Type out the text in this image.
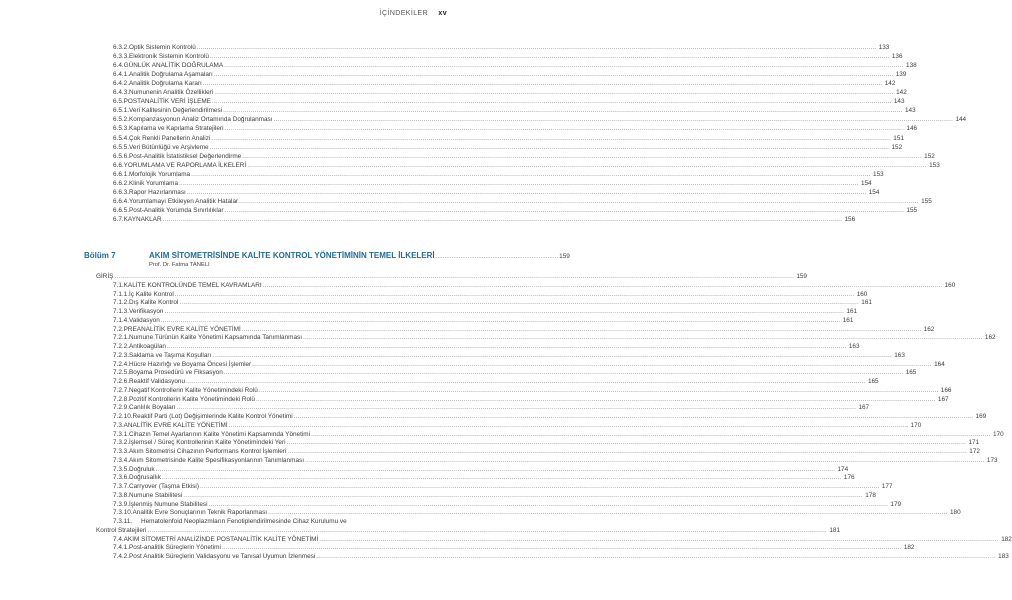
İÇİNDEKİLER xv
6.3.2. Optik Sistemin Kontrolü .....	133
6.3.3. Elektronik Sistemin Kontrolü .....	136
6.4. GÜNLÜK ANALİTİK DOĞRULAMA .....	138
6.4.1. Analitik Doğrulama Aşamaları .....	139
6.4.2. Analitik Doğrulama Kararı .....	142
6.4.3. Numunenin Analitik Özellikleri .....	142
6.5. POSTANALİTİK VERİ İŞLEME .....	143
6.5.1. Veri Kalitesinin Değerlendirilmesi .....	143
6.5.2. Kompanzasyonun Analiz Ortamında Doğrulanması .....	144
6.5.3. Kapılama ve Kapılama Stratejileri .....	146
6.5.4. Çok Renkli Panellerin Analizi .....	151
6.5.5. Veri Bütünlüğü ve Arşivleme .....	152
6.5.6. Post-Analitik İstatistiksel Değerlendirme .....	152
6.6. YORUMLAMA VE RAPORLAMA İLKELERİ .....	153
6.6.1. Morfolojik Yorumlama .....	153
6.6.2. Klinik Yorumlama .....	154
6.6.3. Rapor Hazırlanması .....	154
6.6.4. Yorumlamayı Etkileyen Analitik Hatalar .....	155
6.6.5. Post-Analitik Yorumda Sınırlılıklar .....	155
6.7. KAYNAKLAR .....	156
GİRİŞ .....	159
7.1. KALİTE KONTROLÜNDE TEMEL KAVRAMLARI .....	160
7.1.1. İç Kalite Kontrol .....	160
7.1.2. Dış Kalite Kontrol .....	161
7.1.3. Verifikasyon .....	161
7.1.4. Validasyon .....	161
7.2. PREANALİTİK EVRE KALİTE YÖNETİMİ .....	162
7.2.1. Numune Türünün Kalite Yönetimi Kapsamında Tanımlanması .....	162
7.2.2. Antikoagülan .....	163
7.2.3. Saklama ve Taşıma Koşulları .....	163
7.2.4. Hücre Hazırlığı ve Boyama Öncesi İşlemler .....	164
7.2.5. Boyama Prosedürü ve Fiksasyon .....	165
7.2.6. Reaktif Validasyonu .....	165
7.2.7. Negatif Kontrollerin Kalite Yönetimindeki Rolü .....	166
7.2.8. Pozitif Kontrollerin Kalite Yönetimindeki Rolü .....	167
7.2.9. Canlılık Boyaları .....	167
7.2.10. Reaktif Parti (Lot) Değişimlerinde Kalite Kontrol Yönetimi .....	169
7.3. ANALİTİK EVRE KALİTE YÖNETİMİ .....	170
7.3.1. Cihazın Temel Ayarlarının Kalite Yönetimi Kapsamında Yönetimi .....	170
7.3.2. İşlemsel / Süreç Kontrollerinin Kalite Yönetimindeki Yeri .....	171
7.3.3. Akım Sitometrisi Cihazının Performans Kontrol İşlemleri .....	172
7.3.4. Akım Sitometrisinde Kalite Spesifikasyonlarının Tanımlanması .....	173
7.3.5. Doğruluk .....	174
7.3.6. Doğrusallık .....	176
7.3.7. Carryover (Taşma Etkisi) .....	177
7.3.8. Numune Stabilitesi .....	178
7.3.9. İşlenmiş Numune Stabilitesi .....	179
7.3.10. Analitik Evre Sonuçlarının Teknik Raporlanması .....	180
7.3.11.	Hematolenfoid Neoplazmların Fenotiplendirilmesinde Cihaz Kurulumu ve
Kontrol Stratejileri .....	181
7.4. AKIM SİTOMETRİ ANALİZİNDE POSTANALİTİK KALİTE YÖNETİMİ .....	182
7.4.1. Post-analitik Süreçlerin Yönetimi .....	182
7.4.2. Post Analitik Süreçlerin Validasyonu ve Tanısal Uyumun İzlenmesi .....	183
Bölüm 7	AKIM SİTOMETRİSİNDE KALİTE KONTROL YÖNETİMİNİN TEMEL İLKELERİ .....	159
Prof. Dr. Fatma TANELI
